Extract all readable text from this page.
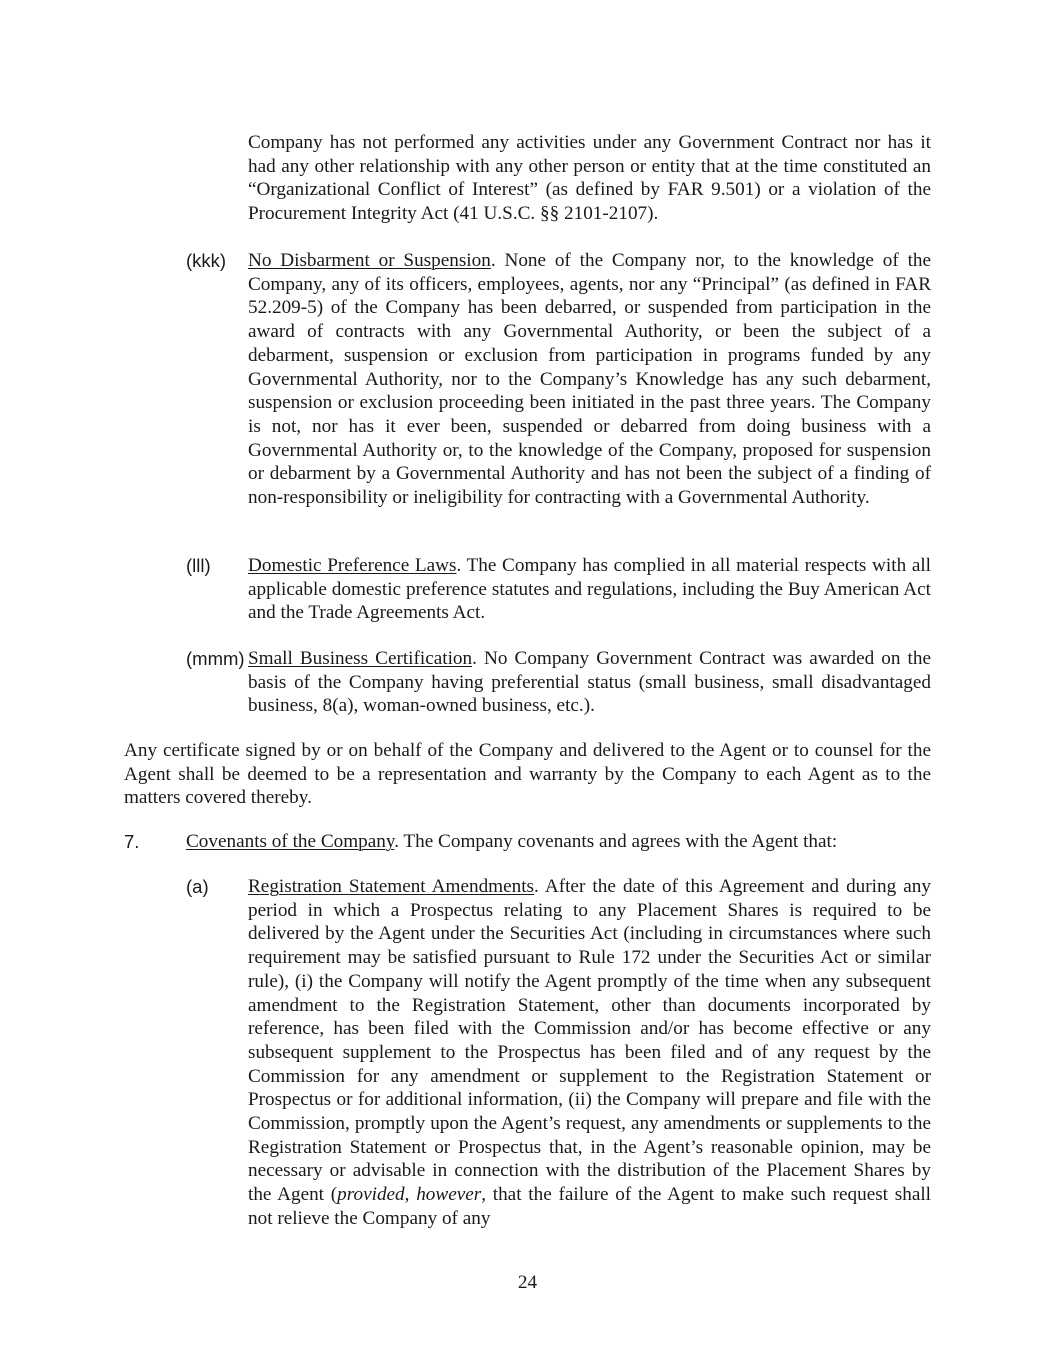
Company has not performed any activities under any Government Contract nor has it had any other relationship with any other person or entity that at the time constituted an “Organizational Conflict of Interest” (as defined by FAR 9.501) or a violation of the Procurement Integrity Act (41 U.S.C. §§ 2101-2107).
(kkk) No Disbarment or Suspension. None of the Company nor, to the knowledge of the Company, any of its officers, employees, agents, nor any “Principal” (as defined in FAR 52.209-5) of the Company has been debarred, or suspended from participation in the award of contracts with any Governmental Authority, or been the subject of a debarment, suspension or exclusion from participation in programs funded by any Governmental Authority, nor to the Company’s Knowledge has any such debarment, suspension or exclusion proceeding been initiated in the past three years. The Company is not, nor has it ever been, suspended or debarred from doing business with a Governmental Authority or, to the knowledge of the Company, proposed for suspension or debarment by a Governmental Authority and has not been the subject of a finding of non-responsibility or ineligibility for contracting with a Governmental Authority.
(lll) Domestic Preference Laws. The Company has complied in all material respects with all applicable domestic preference statutes and regulations, including the Buy American Act and the Trade Agreements Act.
(mmm) Small Business Certification. No Company Government Contract was awarded on the basis of the Company having preferential status (small business, small disadvantaged business, 8(a), woman-owned business, etc.).
Any certificate signed by or on behalf of the Company and delivered to the Agent or to counsel for the Agent shall be deemed to be a representation and warranty by the Company to each Agent as to the matters covered thereby.
7. Covenants of the Company. The Company covenants and agrees with the Agent that:
(a) Registration Statement Amendments. After the date of this Agreement and during any period in which a Prospectus relating to any Placement Shares is required to be delivered by the Agent under the Securities Act (including in circumstances where such requirement may be satisfied pursuant to Rule 172 under the Securities Act or similar rule), (i) the Company will notify the Agent promptly of the time when any subsequent amendment to the Registration Statement, other than documents incorporated by reference, has been filed with the Commission and/or has become effective or any subsequent supplement to the Prospectus has been filed and of any request by the Commission for any amendment or supplement to the Registration Statement or Prospectus or for additional information, (ii) the Company will prepare and file with the Commission, promptly upon the Agent’s request, any amendments or supplements to the Registration Statement or Prospectus that, in the Agent’s reasonable opinion, may be necessary or advisable in connection with the distribution of the Placement Shares by the Agent (provided, however, that the failure of the Agent to make such request shall not relieve the Company of any
24
